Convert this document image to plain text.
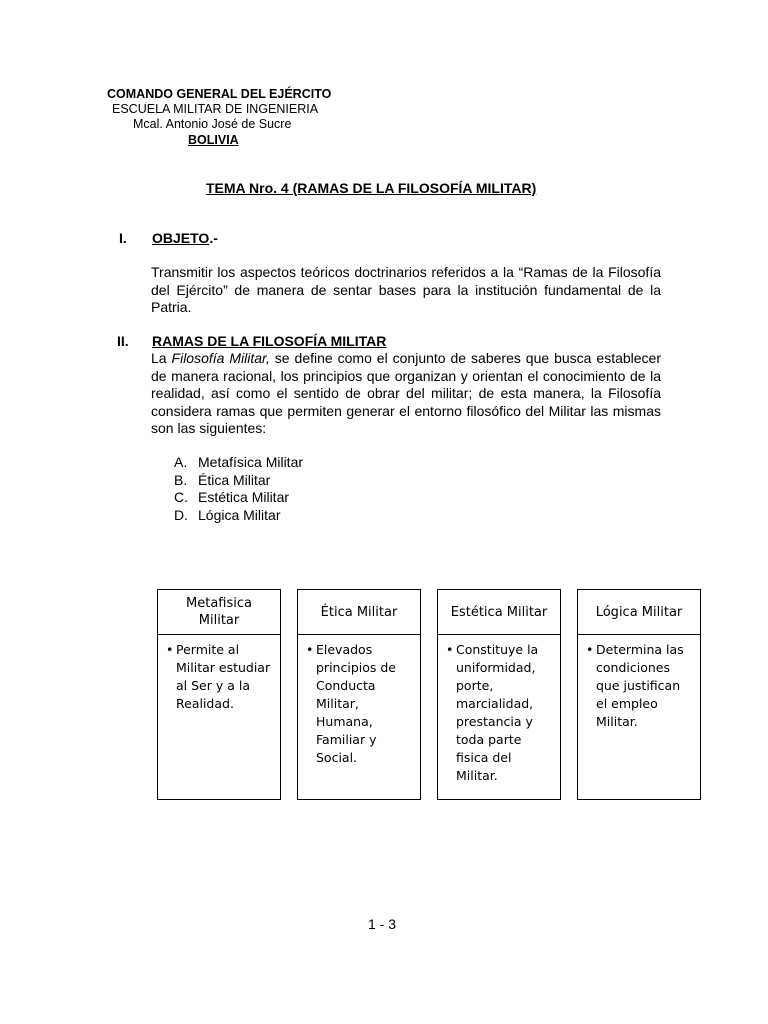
COMANDO GENERAL DEL EJÉRCITO
ESCUELA MILITAR DE INGENIERIA
Mcal. Antonio José de Sucre
BOLIVIA
TEMA Nro. 4 (RAMAS DE LA FILOSOFÍA MILITAR)
I. OBJETO.-
Transmitir los aspectos teóricos doctrinarios referidos a la “Ramas de la Filosofía del Ejército” de manera de sentar bases para la institución fundamental de la Patria.
II. RAMAS DE LA FILOSOFÍA MILITAR
La Filosofía Militar, se define como el conjunto de saberes que busca establecer de manera racional, los principios que organizan y orientan el conocimiento de la realidad, así como el sentido de obrar del militar; de esta manera, la Filosofía considera ramas que permiten generar el entorno filosófico del Militar las mismas son las siguientes:
A. Metafísica Militar
B. Ética Militar
C. Estética Militar
D. Lógica Militar
Metafisica Militar
• Permite al Militar estudiar al Ser y a la Realidad.
Ética Militar
• Elevados principios de Conducta Militar, Humana, Familiar y Social.
Estética Militar
• Constituye la uniformidad, porte, marcialidad, prestancia y toda parte fisica del Militar.
Lógica Militar
• Determina las condiciones que justifican el empleo Militar.
1 - 3
